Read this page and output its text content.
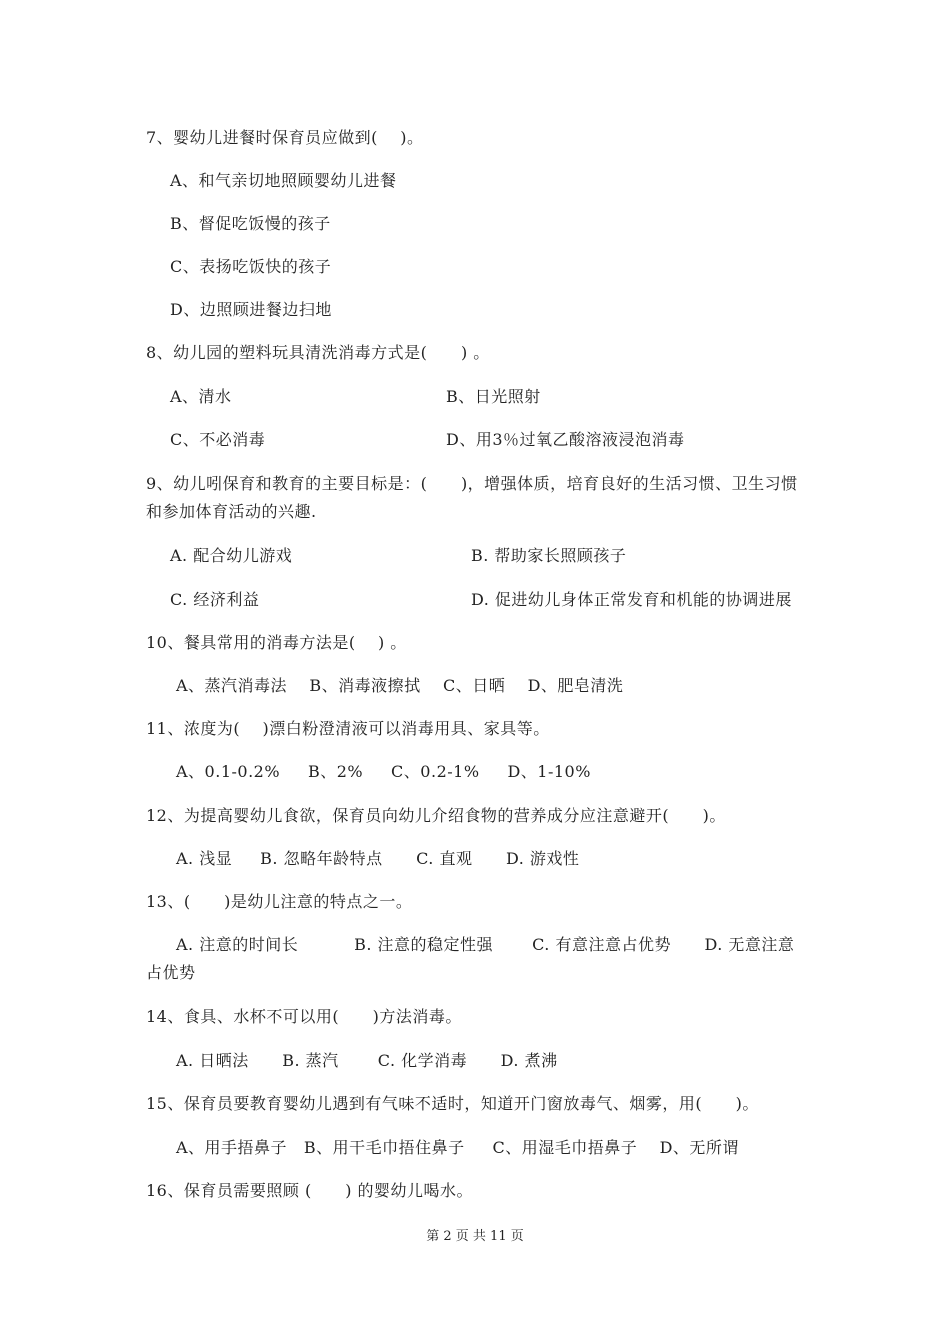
7、婴幼儿进餐时保育员应做到(    )。
A、和气亲切地照顾婴幼儿进餐
B、督促吃饭慢的孩子
C、表扬吃饭快的孩子
D、边照顾进餐边扫地
8、幼儿园的塑料玩具清洗消毒方式是(      ) 。
A、清水	B、日光照射
C、不必消毒	D、用3％过氧乙酸溶液浸泡消毒
9、幼儿吲保育和教育的主要目标是：(      )，增强体质，培育良好的生活习惯、卫生习惯
和参加体育活动的兴趣.
A. 配合幼儿游戏	B. 帮助家长照顾孩子
C. 经济利益	D. 促进幼儿身体正常发育和机能的协调进展
10、餐具常用的消毒方法是(    ) 。
A、蒸汽消毒法    B、消毒液擦拭    C、日晒    D、肥皂清洗
11、浓度为(    )漂白粉澄清液可以消毒用具、家具等。
A、0.1-0.2%     B、2%     C、0.2-1%     D、1-10%
12、为提高婴幼儿食欲，保育员向幼儿介绍食物的营养成分应注意避开(      )。
A. 浅显     B. 忽略年龄特点      C. 直观      D. 游戏性
13、(      )是幼儿注意的特点之一。
A. 注意的时间长          B. 注意的稳定性强       C. 有意注意占优势      D. 无意注意
占优势
14、食具、水杯不可以用(      )方法消毒。
A. 日晒法      B. 蒸汽       C. 化学消毒      D. 煮沸
15、保育员要教育婴幼儿遇到有气味不适时，知道开门窗放毒气、烟雾，用(      )。
A、用手捂鼻子   B、用干毛巾捂住鼻子     C、用湿毛巾捂鼻子    D、无所谓
16、保育员需要照顾 (      ) 的婴幼儿喝水。
第 2 页 共 11 页
